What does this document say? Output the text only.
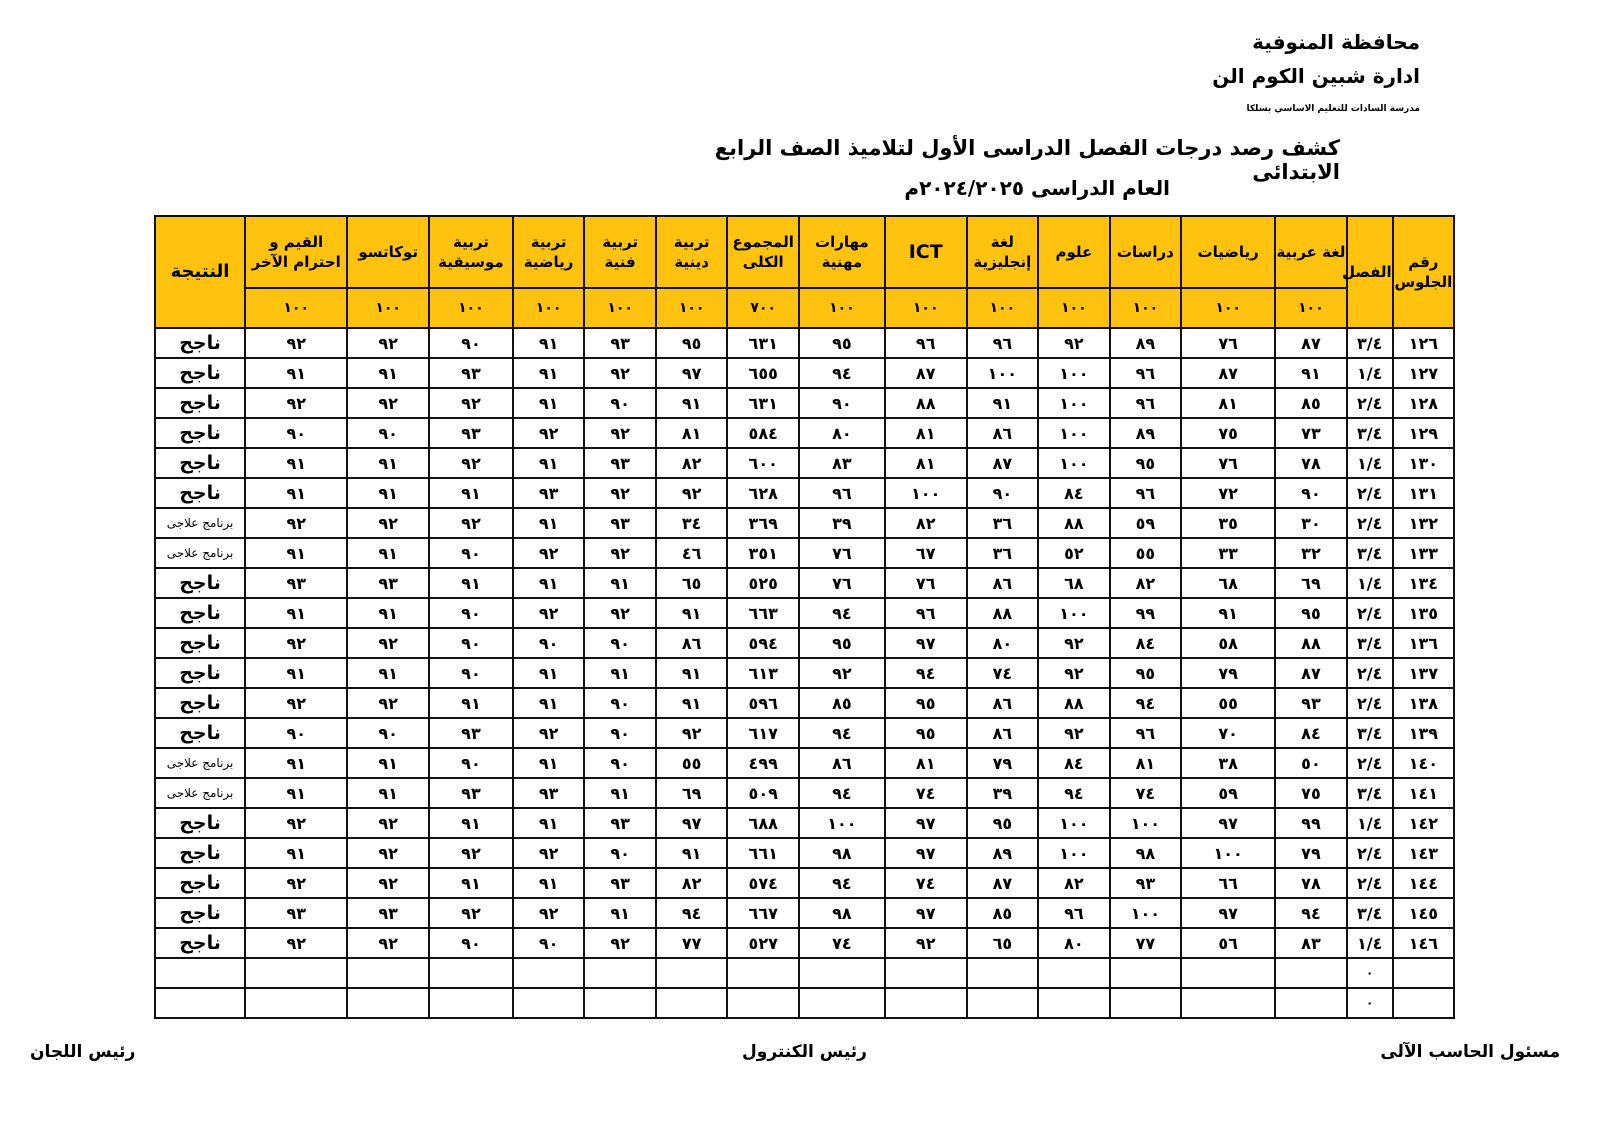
محافظة المنوفية
ادارة شبين الكوم الن
مدرسة السادات للتعليم الاساسي بسلكا
كشف رصد درجات الفصل الدراسى الأول لتلاميذ الصف الرابع الابتدائى
العام الدراسى ٢٠٢٤/٢٠٢٥م
رقم الجلوس	الفصل	لغة عربية	رياضيات	دراسات	علوم	لغة إنجليزية	ICT	مهارات مهنية	المجموع الكلى	تربية دينية	تربية فنية	تربية رياضية	تربية موسيقية	توكاتسو	القيم و احترام الآخر	النتيجة
		١٠٠	١٠٠	١٠٠	١٠٠	١٠٠	١٠٠	١٠٠	٧٠٠	١٠٠	١٠٠	١٠٠	١٠٠	١٠٠	١٠٠	
١٢٦	٣/٤	٨٧	٧٦	٨٩	٩٢	٩٦	٩٦	٩٥	٦٣١	٩٥	٩٣	٩١	٩٠	٩٢	٩٢	ناجح
١٢٧	١/٤	٩١	٨٧	٩٦	١٠٠	١٠٠	٨٧	٩٤	٦٥٥	٩٧	٩٢	٩١	٩٣	٩١	٩١	ناجح
١٢٨	٢/٤	٨٥	٨١	٩٦	١٠٠	٩١	٨٨	٩٠	٦٣١	٩١	٩٠	٩١	٩٢	٩٢	٩٢	ناجح
١٢٩	٣/٤	٧٣	٧٥	٨٩	١٠٠	٨٦	٨١	٨٠	٥٨٤	٨١	٩٢	٩٢	٩٣	٩٠	٩٠	ناجح
١٣٠	١/٤	٧٨	٧٦	٩٥	١٠٠	٨٧	٨١	٨٣	٦٠٠	٨٢	٩٣	٩١	٩٢	٩١	٩١	ناجح
١٣١	٢/٤	٩٠	٧٢	٩٦	٨٤	٩٠	١٠٠	٩٦	٦٢٨	٩٢	٩٢	٩٣	٩١	٩١	٩١	ناجح
١٣٢	٢/٤	٣٠	٣٥	٥٩	٨٨	٣٦	٨٢	٣٩	٣٦٩	٣٤	٩٣	٩١	٩٢	٩٢	٩٢	برنامج علاجى
١٣٣	٣/٤	٣٢	٣٣	٥٥	٥٢	٣٦	٦٧	٧٦	٣٥١	٤٦	٩٢	٩٢	٩٠	٩١	٩١	برنامج علاجى
١٣٤	١/٤	٦٩	٦٨	٨٢	٦٨	٨٦	٧٦	٧٦	٥٢٥	٦٥	٩١	٩١	٩١	٩٣	٩٣	ناجح
١٣٥	٢/٤	٩٥	٩١	٩٩	١٠٠	٨٨	٩٦	٩٤	٦٦٣	٩١	٩٢	٩٢	٩٠	٩١	٩١	ناجح
١٣٦	٣/٤	٨٨	٥٨	٨٤	٩٢	٨٠	٩٧	٩٥	٥٩٤	٨٦	٩٠	٩٠	٩٠	٩٢	٩٢	ناجح
١٣٧	٢/٤	٨٧	٧٩	٩٥	٩٢	٧٤	٩٤	٩٢	٦١٣	٩١	٩١	٩١	٩٠	٩١	٩١	ناجح
١٣٨	٢/٤	٩٣	٥٥	٩٤	٨٨	٨٦	٩٥	٨٥	٥٩٦	٩١	٩٠	٩١	٩١	٩٢	٩٢	ناجح
١٣٩	٣/٤	٨٤	٧٠	٩٦	٩٢	٨٦	٩٥	٩٤	٦١٧	٩٢	٩٠	٩٢	٩٣	٩٠	٩٠	ناجح
١٤٠	٢/٤	٥٠	٣٨	٨١	٨٤	٧٩	٨١	٨٦	٤٩٩	٥٥	٩٠	٩١	٩٠	٩١	٩١	برنامج علاجى
١٤١	٣/٤	٧٥	٥٩	٧٤	٩٤	٣٩	٧٤	٩٤	٥٠٩	٦٩	٩١	٩٣	٩٣	٩١	٩١	برنامج علاجى
١٤٢	١/٤	٩٩	٩٧	١٠٠	١٠٠	٩٥	٩٧	١٠٠	٦٨٨	٩٧	٩٣	٩١	٩١	٩٢	٩٢	ناجح
١٤٣	٢/٤	٧٩	١٠٠	٩٨	١٠٠	٨٩	٩٧	٩٨	٦٦١	٩١	٩٠	٩٢	٩٢	٩٢	٩١	ناجح
١٤٤	٢/٤	٧٨	٦٦	٩٣	٨٢	٨٧	٧٤	٩٤	٥٧٤	٨٢	٩٣	٩١	٩١	٩٢	٩٢	ناجح
١٤٥	٣/٤	٩٤	٩٧	١٠٠	٩٦	٨٥	٩٧	٩٨	٦٦٧	٩٤	٩١	٩٢	٩٢	٩٣	٩٣	ناجح
١٤٦	١/٤	٨٣	٥٦	٧٧	٨٠	٦٥	٩٢	٧٤	٥٢٧	٧٧	٩٢	٩٠	٩٠	٩٢	٩٢	ناجح
	٠															
	٠															
مسئول الحاسب الآلى
رئيس الكنترول
رئيس اللجان
